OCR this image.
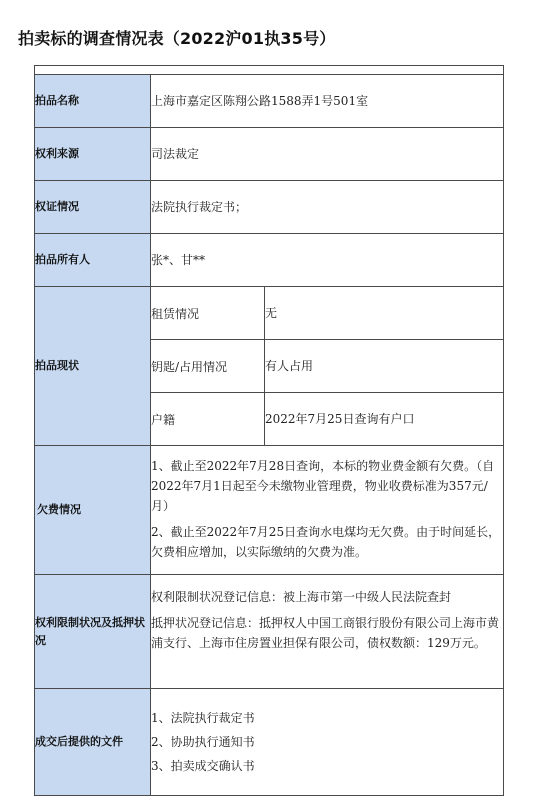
拍卖标的调查情况表（2022沪01执35号）

拍品名称	上海市嘉定区陈翔公路1588弄1号501室	
权利来源	司法裁定	
权证情况	法院执行裁定书；	
拍品所有人	张*、甘**	
拍品现状	租赁情况	无
	钥匙/占用情况	有人占用
	户籍	2022年7月25日查询有户口
欠费情况	1、截止至2022年7月28日查询，本标的物业费金额有欠费。（自2022年7月1日起至今未缴物业管理费，物业收费标准为357元/月）
2、截止至2022年7月25日查询水电煤均无欠费。由于时间延长，欠费相应增加，以实际缴纳的欠费为准。	

权利限制状况及抵押状况	权利限制状况登记信息：被上海市第一中级人民法院查封
抵押状况登记信息：抵押权人中国工商银行股份有限公司上海市黄浦支行、上海市住房置业担保有限公司，债权数额：129万元。	

成交后提供的文件	1、法院执行裁定书
2、协助执行通知书
3、拍卖成交确认书	
